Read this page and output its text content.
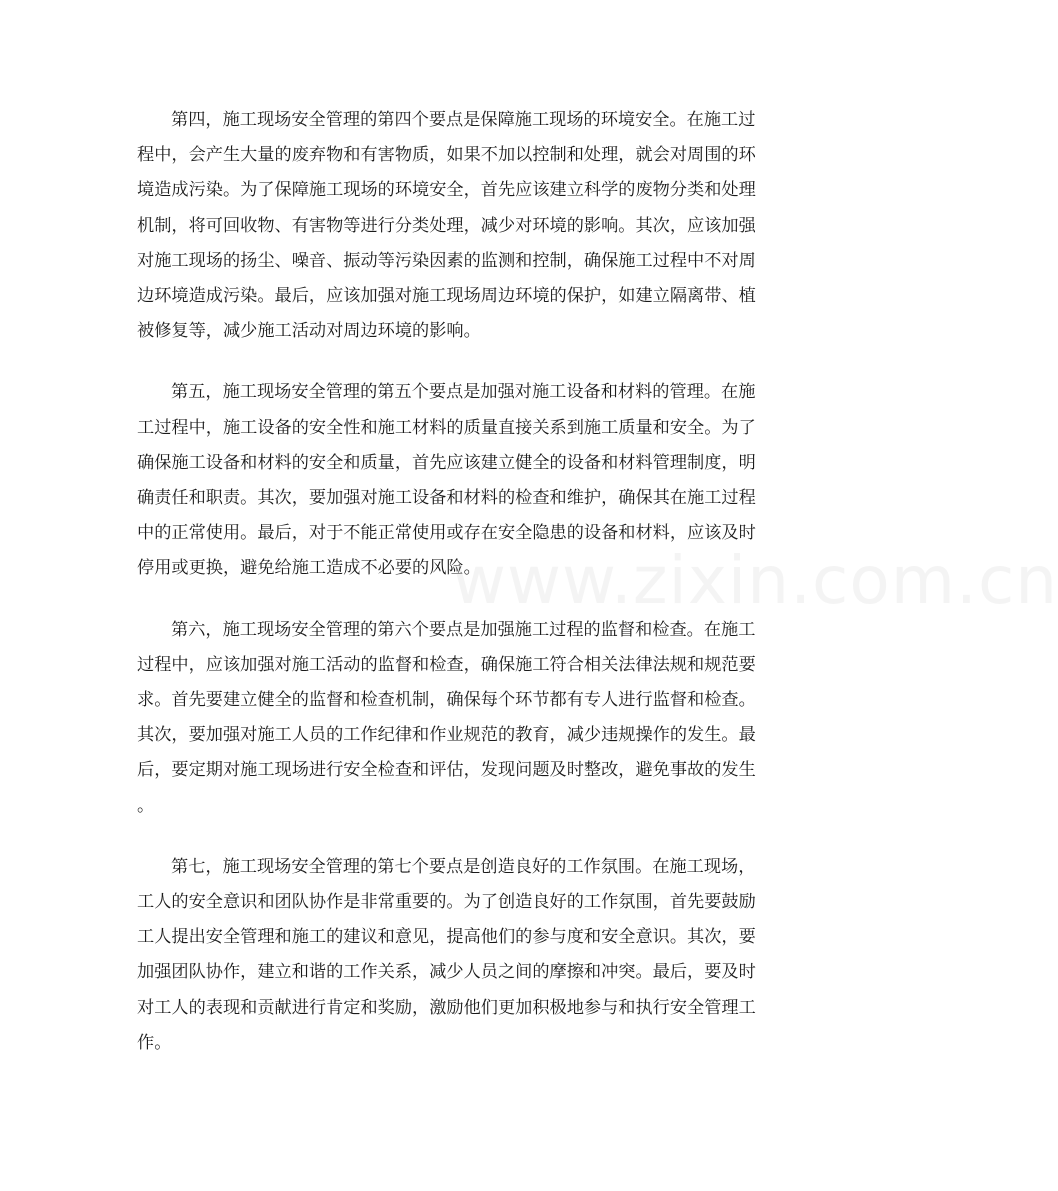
第四，施工现场安全管理的第四个要点是保障施工现场的环境安全。在施工过
程中，会产生大量的废弃物和有害物质，如果不加以控制和处理，就会对周围的环
境造成污染。为了保障施工现场的环境安全，首先应该建立科学的废物分类和处理
机制，将可回收物、有害物等进行分类处理，减少对环境的影响。其次，应该加强
对施工现场的扬尘、噪音、振动等污染因素的监测和控制，确保施工过程中不对周
边环境造成污染。最后，应该加强对施工现场周边环境的保护，如建立隔离带、植
被修复等，减少施工活动对周边环境的影响。
第五，施工现场安全管理的第五个要点是加强对施工设备和材料的管理。在施
工过程中，施工设备的安全性和施工材料的质量直接关系到施工质量和安全。为了
确保施工设备和材料的安全和质量，首先应该建立健全的设备和材料管理制度，明
确责任和职责。其次，要加强对施工设备和材料的检查和维护，确保其在施工过程
中的正常使用。最后，对于不能正常使用或存在安全隐患的设备和材料，应该及时
停用或更换，避免给施工造成不必要的风险。
第六，施工现场安全管理的第六个要点是加强施工过程的监督和检查。在施工
过程中，应该加强对施工活动的监督和检查，确保施工符合相关法律法规和规范要
求。首先要建立健全的监督和检查机制，确保每个环节都有专人进行监督和检查。
其次，要加强对施工人员的工作纪律和作业规范的教育，减少违规操作的发生。最
后，要定期对施工现场进行安全检查和评估，发现问题及时整改，避免事故的发生
。
第七，施工现场安全管理的第七个要点是创造良好的工作氛围。在施工现场，
工人的安全意识和团队协作是非常重要的。为了创造良好的工作氛围，首先要鼓励
工人提出安全管理和施工的建议和意见，提高他们的参与度和安全意识。其次，要
加强团队协作，建立和谐的工作关系，减少人员之间的摩擦和冲突。最后，要及时
对工人的表现和贡献进行肯定和奖励，激励他们更加积极地参与和执行安全管理工
作。
www.zixin.com.cn
